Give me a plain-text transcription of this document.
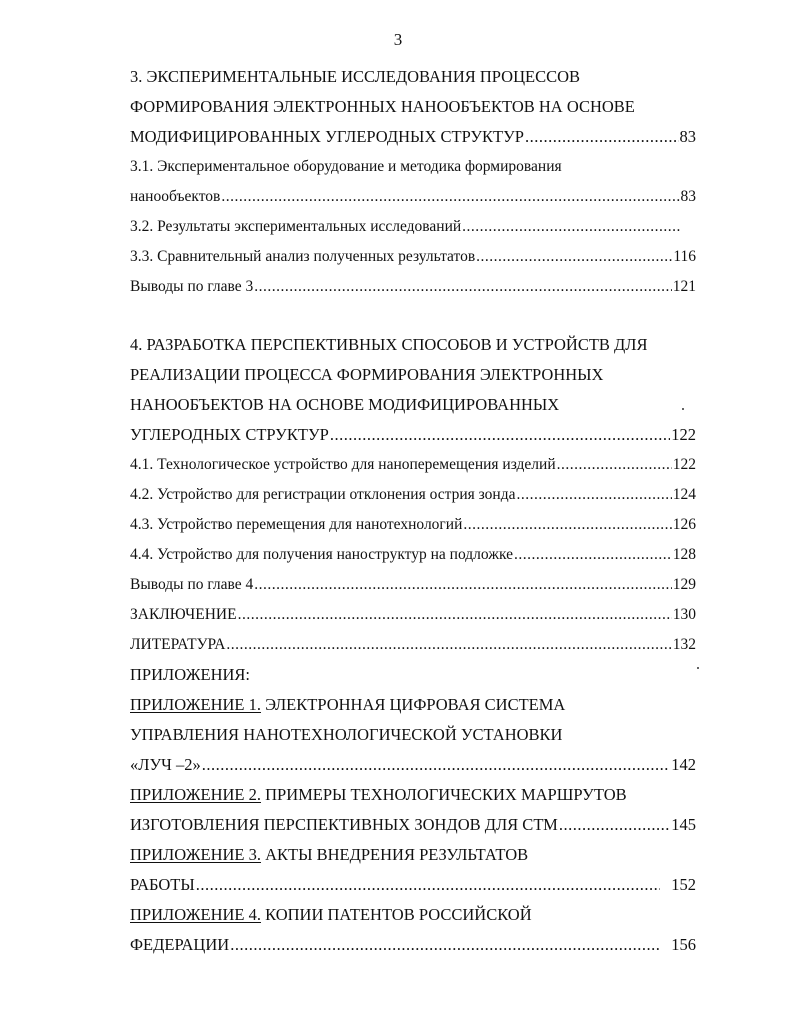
3
3. ЭКСПЕРИМЕНТАЛЬНЫЕ ИССЛЕДОВАНИЯ ПРОЦЕССОВ
ФОРМИРОВАНИЯ ЭЛЕКТРОННЫХ НАНООБЪЕКТОВ НА ОСНОВЕ
МОДИФИЦИРОВАННЫХ УГЛЕРОДНЫХ СТРУКТУР .....	83
3.1. Экспериментальное оборудование и методика формирования
нанообъектов .....	83
3.2. Результаты экспериментальных исследований
.....
3.3. Сравнительный анализ полученных результатов .....	116
Выводы по главе 3 .....	121
4. РАЗРАБОТКА ПЕРСПЕКТИВНЫХ СПОСОБОВ И УСТРОЙСТВ ДЛЯ
РЕАЛИЗАЦИИ ПРОЦЕССА ФОРМИРОВАНИЯ ЭЛЕКТРОННЫХ
НАНООБЪЕКТОВ НА ОСНОВЕ МОДИФИЦИРОВАННЫХ
УГЛЕРОДНЫХ СТРУКТУР .....	122
4.1. Технологическое устройство для наноперемещения изделий .....	122
4.2. Устройство для регистрации отклонения острия зонда .....	124
4.3. Устройство перемещения для нанотехнологий .....	126
4.4. Устройство для получения наноструктур на подложке .....	128
Выводы по главе 4 .....	129
ЗАКЛЮЧЕНИЕ .....	130
ЛИТЕРАТУРА .....	132
ПРИЛОЖЕНИЯ:
ПРИЛОЖЕНИЕ 1. ЭЛЕКТРОННАЯ ЦИФРОВАЯ СИСТЕМА
УПРАВЛЕНИЯ НАНОТЕХНОЛОГИЧЕСКОЙ УСТАНОВКИ
«ЛУЧ –2» .....	142
ПРИЛОЖЕНИЕ 2. ПРИМЕРЫ ТЕХНОЛОГИЧЕСКИХ МАРШРУТОВ
ИЗГОТОВЛЕНИЯ ПЕРСПЕКТИВНЫХ ЗОНДОВ ДЛЯ СТМ .....	145
ПРИЛОЖЕНИЕ 3. АКТЫ ВНЕДРЕНИЯ РЕЗУЛЬТАТОВ
РАБОТЫ .....	152
ПРИЛОЖЕНИЕ 4. КОПИИ ПАТЕНТОВ РОССИЙСКОЙ
ФЕДЕРАЦИИ .....	156
